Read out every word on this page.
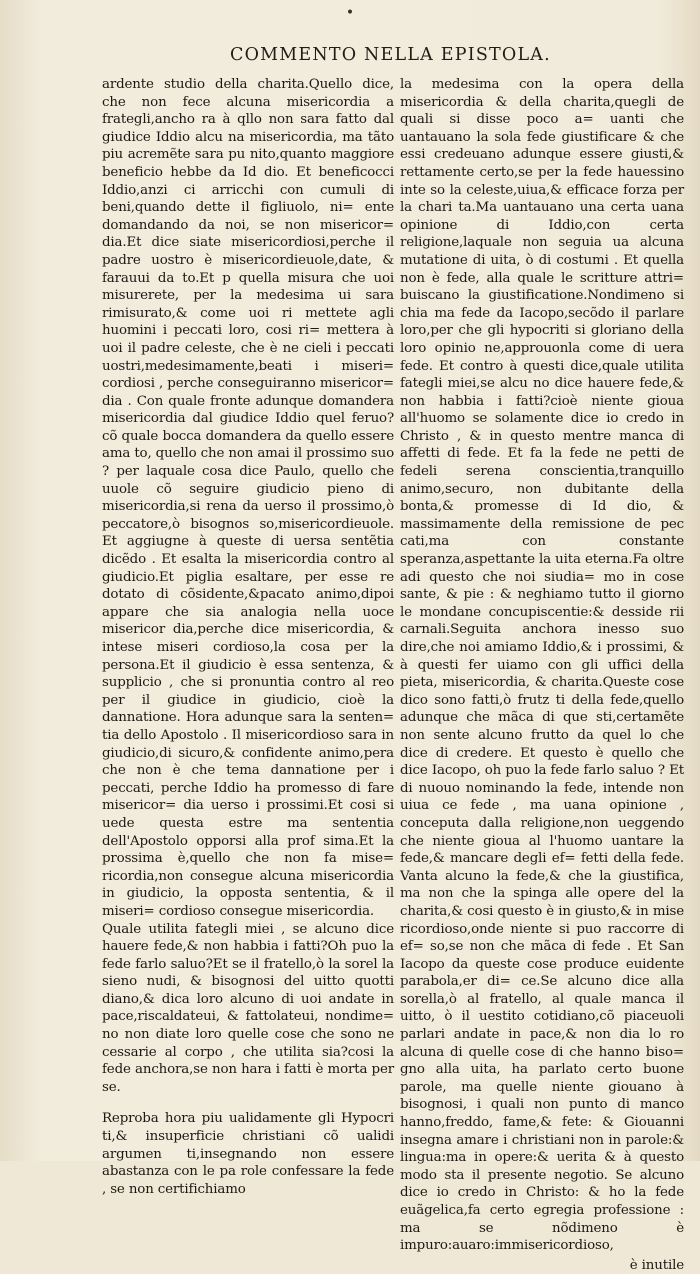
•
COMMENTO NELLA EPISTOLA.

ardente studio della charita.Quello dice, che non fece alcuna misericordia a frategli,ancho ra à qllo non sara fatto dal giudice Iddio alcu na misericordia, ma tãto piu acremẽte sara pu nito,quanto maggiore beneficio hebbe da Id dio. Et beneficocci Iddio,anzi ci arricchi con cumuli di beni,quando dette il figliuolo, ni= ente domandando da noi, se non misericor= dia.Et dice siate misericordiosi,perche il padre uostro è misericordieuole,date, & farauui da to.Et p quella misura che uoi misurerete, per la medesima ui sara rimisurato,& come uoi ri mettete agli huomini i peccati loro, cosi ri= mettera à uoi il padre celeste, che è ne cieli i peccati uostri,medesimamente,beati i miseri= cordiosi , perche conseguiranno misericor= dia . Con quale fronte adunque domandera misericordia dal giudice Iddio quel feruo?cõ quale bocca domandera da quello essere ama to, quello che non amai il prossimo suo ? per laquale cosa dice Paulo, quello che uuole cõ seguire giudicio pieno di misericordia,si rena da uerso il prossimo,ò peccatore,ò bisognos so,misericordieuole. Et aggiugne à queste di uersa sentẽtia dicẽdo . Et esalta la misericordia contro al giudicio.Et piglia esaltare, per esse re dotato di cõsidente,&pacato animo,dipoi appare che sia analogia nella uoce misericor dia,perche dice misericordia, & intese miseri cordioso,la cosa per la persona.Et il giudicio è essa sentenza, & supplicio , che si pronuntia contro al reo per il giudice in giudicio, cioè la dannatione. Hora adunque sara la senten= tia dello Apostolo . Il misericordioso sara in giudicio,di sicuro,& confidente animo,pera che non è che tema dannatione per i peccati, perche Iddio ha promesso di fare misericor= dia uerso i prossimi.Et cosi si uede questa estre ma sententia dell'Apostolo opporsi alla prof sima.Et la prossima è,quello che non fa mise= ricordia,non consegue alcuna misericordia in giudicio, la opposta sententia, & il miseri= cordioso consegue misericordia.

Quale utilita fategli miei , se alcuno dice hauere fede,& non habbia i fatti?Oh puo la fede farlo saluo?Et se il fratello,ò la sorel la sieno nudi, & bisognosi del uitto quotti diano,& dica loro alcuno di uoi andate in pace,riscaldateui, & fattolateui, nondime= no non diate loro quelle cose che sono ne cessarie al corpo , che utilita sia?cosi la fede anchora,se non hara i fatti è morta per se.

Reproba hora piu ualidamente gli Hypocri ti,& insuperficie christiani cõ ualidi argumen ti,insegnando non essere abastanza con le pa role confessare la fede , se non certifichiamo

la medesima con la opera della misericordia & della charita,quegli de quali si disse poco a= uanti che uantauano la sola fede giustificare & che essi credeuano adunque essere giusti,& rettamente certo,se per la fede hauessino inte so la celeste,uiua,& efficace forza per la chari ta.Ma uantauano una certa uana opinione di Iddio,con certa religione,laquale non seguia ua alcuna mutatione di uita, ò di costumi . Et quella non è fede, alla quale le scritture attri= buiscano la giustificatione.Nondimeno si chia ma fede da Iacopo,secõdo il parlare loro,per che gli hypocriti si gloriano della loro opinio ne,approuonla come di uera fede. Et contro à questi dice,quale utilita fategli miei,se alcu no dice hauere fede,& non habbia i fatti?cioè niente gioua all'huomo se solamente dice io credo in Christo , & in questo mentre manca di affetti di fede. Et fa la fede ne petti de fedeli serena conscientia,tranquillo animo,securo, non dubitante della bonta,& promesse di Id dio, & massimamente della remissione de pec cati,ma con constante speranza,aspettante la uita eterna.Fa oltre adi questo che noi siudia= mo in cose sante, & pie : & neghiamo tutto il giorno le mondane concupiscentie:& desside rii carnali.Seguita anchora inesso suo dire,che noi amiamo Iddio,& i prossimi, & à questi fer uiamo con gli uffici della pieta, misericordia, & charita.Queste cose dico sono fatti,ò frutz ti della fede,quello adunque che mãca di que sti,certamẽte non sente alcuno frutto da quel lo che dice di credere. Et questo è quello che dice Iacopo, oh puo la fede farlo saluo ? Et di nuouo nominando la fede, intende non uiua ce fede , ma uana opinione , conceputa dalla religione,non ueggendo che niente gioua al l'huomo uantare la fede,& mancare degli ef= fetti della fede. Vanta alcuno la fede,& che la giustifica, ma non che la spinga alle opere del la charita,& cosi questo è in giusto,& in mise ricordioso,onde niente si puo raccorre di ef= so,se non che mãca di fede . Et San Iacopo da queste cose produce euidente parabola,er di= ce.Se alcuno dice alla sorella,ò al fratello, al quale manca il uitto, ò il uestito cotidiano,cõ piaceuoli parlari andate in pace,& non dia lo ro alcuna di quelle cose di che hanno biso= gno alla uita, ha parlato certo buone parole, ma quelle niente giouano à bisognosi, i quali non punto di manco hanno,freddo, fame,& fete: & Giouanni insegna amare i christiani non in parole:& lingua:ma in opere:& uerita & à questo modo sta il presente negotio. Se alcuno dice io credo in Christo: & ho la fede euãgelica,fa certo egregia professione : ma se nõdimeno è impuro:auaro:immisericordioso,

è inutile
